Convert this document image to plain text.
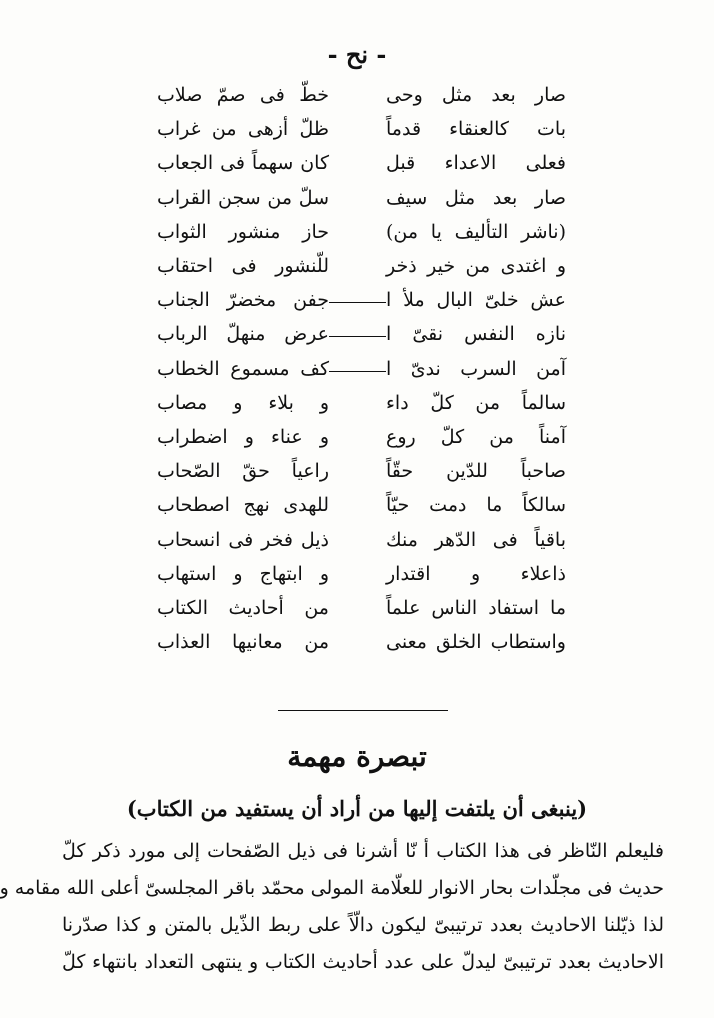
- نح -
صار بعد مثل وحى
خطّ فى صمّ صلاب
بات كالعنقاء قدماً
ظلّ أزهى من غراب
فعلى الاعداء قبل
كان سهماً فى الجعاب
صار بعد مثل سيف
سلّ من سجن القراب
(ناشر التأليف يا من)
حاز منشور الثواب
و اغتدى من خير ذخر
للّنشور فى احتقاب
عش خلىّ البال ملأ ا
جفن مخضرّ الجناب
نازه النفس نقىّ ا
عرض منهلّ الرباب
آمن السرب ندىّ ا
كف مسموع الخطاب
سالماً من كلّ داء
و بلاء و مصاب
آمناً من كلّ روع
و عناء و اضطراب
صاحباً للدّين حقّاً
راعياً حقّ الصّحاب
سالكاً ما دمت حيّاً
للهدى نهج اصطحاب
باقياً فى الدّهر منك
ذيل فخر فى انسحاب
ذاعلاء و اقتدار
و ابتهاج و استهاب
ما استفاد الناس علماً
من أحاديث الكتاب
واستطاب الخلق معنى
من معانيها العذاب
تبصرة مهمة
(ينبغى أن يلتفت إليها من أراد أن يستفيد من الكتاب)
فليعلم النّاظر فى هذا الكتاب أ نّا أشرنا فى ذيل الصّفحات إلى مورد ذكر كلّ
حديث فى مجلّدات بحار الانوار للعلّامة المولى محمّد باقر المجلسىّ أعلى الله مقامه و
لذا ذيّلنا الاحاديث بعدد ترتيبىّ ليكون دالّاً على ربط الذّيل بالمتن و كذا صدّرنا
الاحاديث بعدد ترتيبىّ ليدلّ على عدد أحاديث الكتاب و ينتهى التعداد بانتهاء كلّ
